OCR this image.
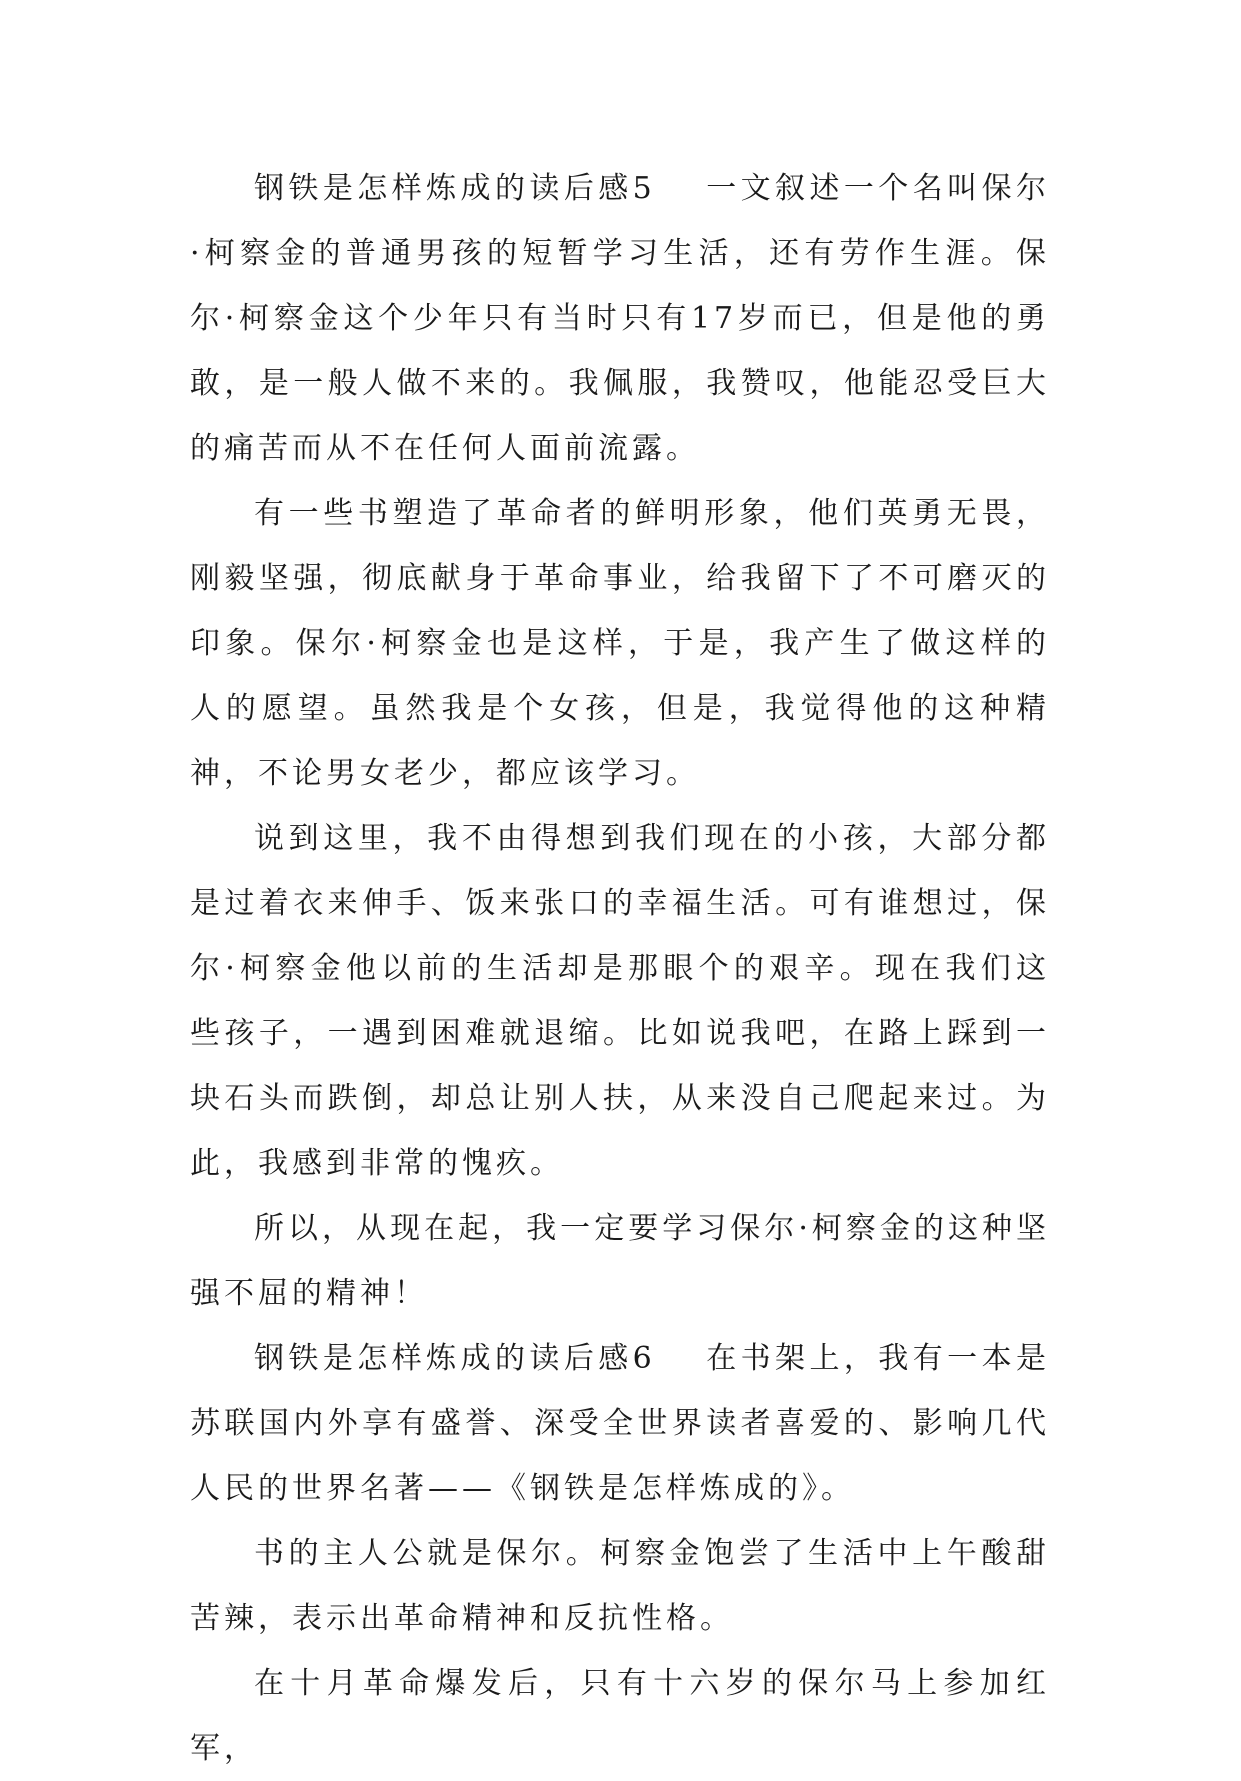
钢铁是怎样炼成的读后感5 一文叙述一个名叫保尔·柯察金的普通男孩的短暂学习生活，还有劳作生涯。保尔·柯察金这个少年只有当时只有17岁而已，但是他的勇敢，是一般人做不来的。我佩服，我赞叹，他能忍受巨大的痛苦而从不在任何人面前流露。

有一些书塑造了革命者的鲜明形象，他们英勇无畏，刚毅坚强，彻底献身于革命事业，给我留下了不可磨灭的印象。保尔·柯察金也是这样，于是，我产生了做这样的人的愿望。虽然我是个女孩，但是，我觉得他的这种精神，不论男女老少，都应该学习。

说到这里，我不由得想到我们现在的小孩，大部分都是过着衣来伸手、饭来张口的幸福生活。可有谁想过，保尔·柯察金他以前的生活却是那眼个的艰辛。现在我们这些孩子，一遇到困难就退缩。比如说我吧，在路上踩到一块石头而跌倒，却总让别人扶，从来没自己爬起来过。为此，我感到非常的愧疚。

所以，从现在起，我一定要学习保尔·柯察金的这种坚强不屈的精神！

钢铁是怎样炼成的读后感6 在书架上，我有一本是苏联国内外享有盛誉、深受全世界读者喜爱的、影响几代人民的世界名著——《钢铁是怎样炼成的》。

书的主人公就是保尔。柯察金饱尝了生活中上午酸甜苦辣，表示出革命精神和反抗性格。

在十月革命爆发后，只有十六岁的保尔马上参加红军，
